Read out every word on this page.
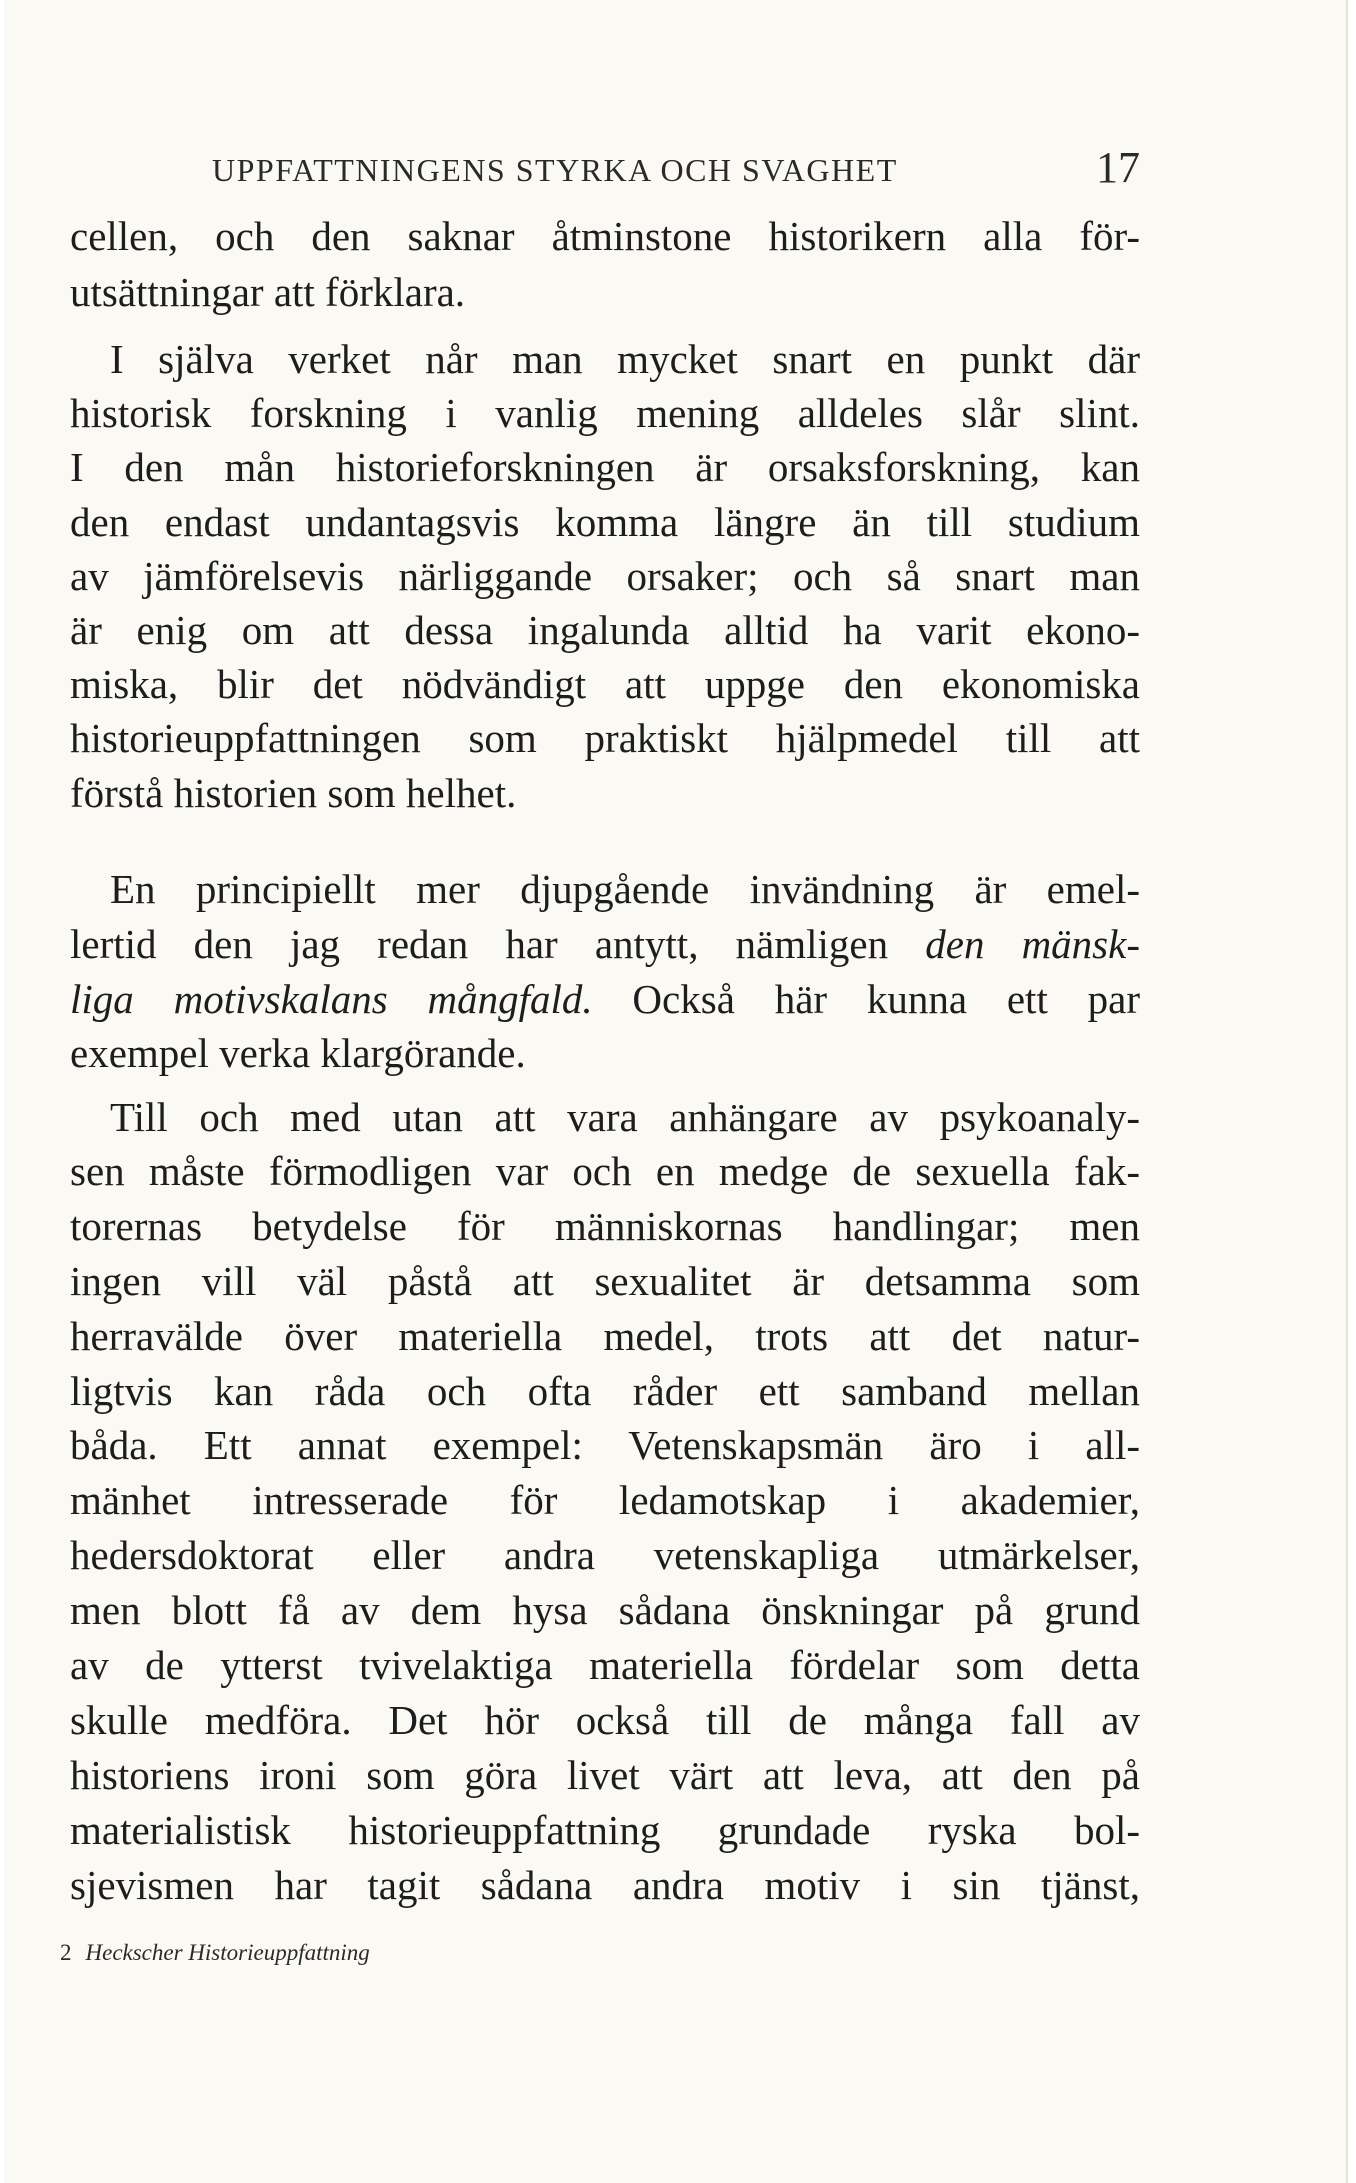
UPPFATTNINGENS STYRKA OCH SVAGHET	17
cellen, och den saknar åtminstone historikern alla för-
utsättningar att förklara.
I själva verket når man mycket snart en punkt där
historisk forskning i vanlig mening alldeles slår slint.
I den mån historieforskningen är orsaksforskning, kan
den endast undantagsvis komma längre än till studium
av jämförelsevis närliggande orsaker; och så snart man
är enig om att dessa ingalunda alltid ha varit ekono-
miska, blir det nödvändigt att uppge den ekonomiska
historieuppfattningen som praktiskt hjälpmedel till att
förstå historien som helhet.
En principiellt mer djupgående invändning är emel-
lertid den jag redan har antytt, nämligen den mänsk-
liga motivskalans mångfald. Också här kunna ett par
exempel verka klargörande.
Till och med utan att vara anhängare av psykoanaly-
sen måste förmodligen var och en medge de sexuella fak-
torernas betydelse för människornas handlingar; men
ingen vill väl påstå att sexualitet är detsamma som
herravälde över materiella medel, trots att det natur-
ligtvis kan råda och ofta råder ett samband mellan
båda. Ett annat exempel: Vetenskapsmän äro i all-
mänhet intresserade för ledamotskap i akademier,
hedersdoktorat eller andra vetenskapliga utmärkelser,
men blott få av dem hysa sådana önskningar på grund
av de ytterst tvivelaktiga materiella fördelar som detta
skulle medföra. Det hör också till de många fall av
historiens ironi som göra livet värt att leva, att den på
materialistisk historieuppfattning grundade ryska bol-
sjevismen har tagit sådana andra motiv i sin tjänst,
2 Heckscher Historieuppfattning
